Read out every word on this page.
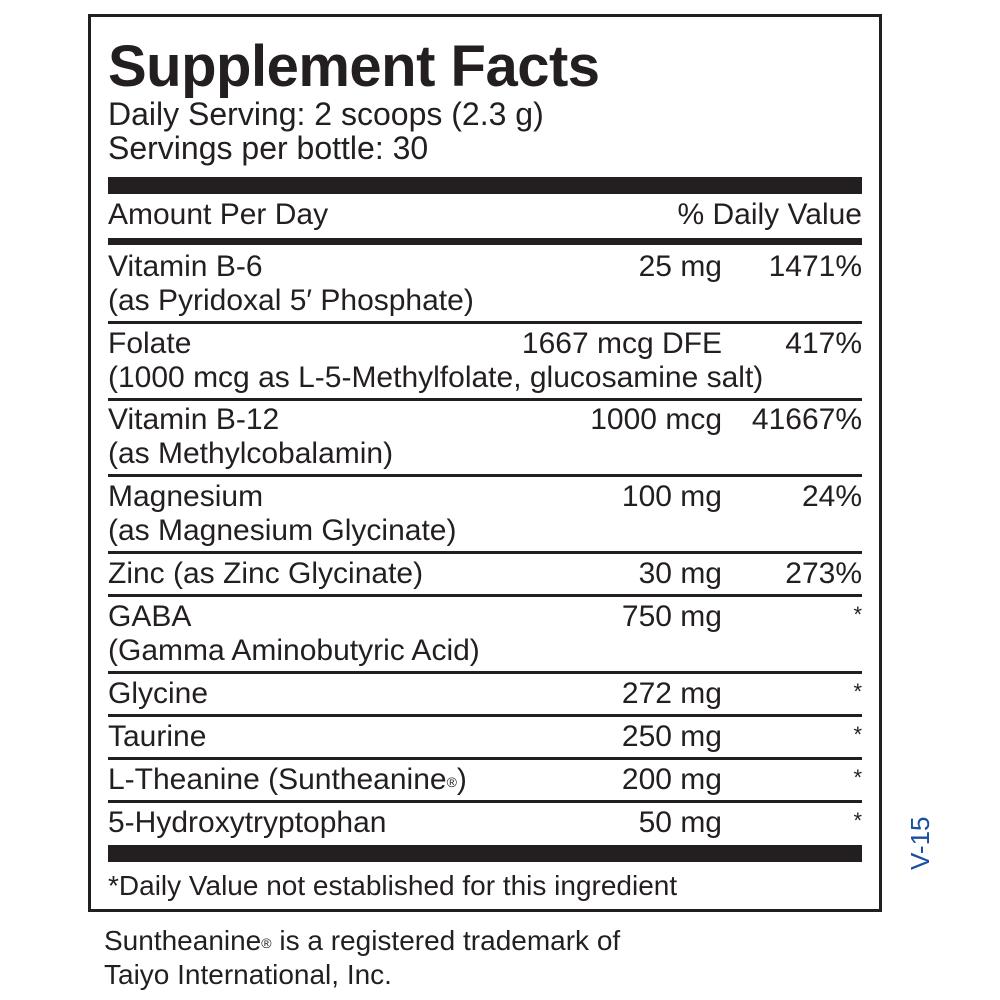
Supplement Facts
Daily Serving: 2 scoops (2.3 g)
Servings per bottle: 30
Amount Per Day	% Daily Value
Vitamin B-6
(as Pyridoxal 5′ Phosphate)
25 mg 1471%
Folate
(1000 mcg as L-5-Methylfolate, glucosamine salt)
1667 mcg DFE 417%
Vitamin B-12
(as Methylcobalamin)
1000 mcg 41667%
Magnesium
(as Magnesium Glycinate)
100 mg	24%
Zinc (as Zinc Glycinate)	30 mg 273%
GABA
(Gamma Aminobutyric Acid)
750 mg	*
Glycine	272 mg	*
Taurine	250 mg	*
L-Theanine (Suntheanine®)	200 mg	*
5-Hydroxytryptophan	50 mg	*
*Daily Value not established for this ingredient
V-15
Suntheanine® is a registered trademark of
Taiyo International, Inc.
